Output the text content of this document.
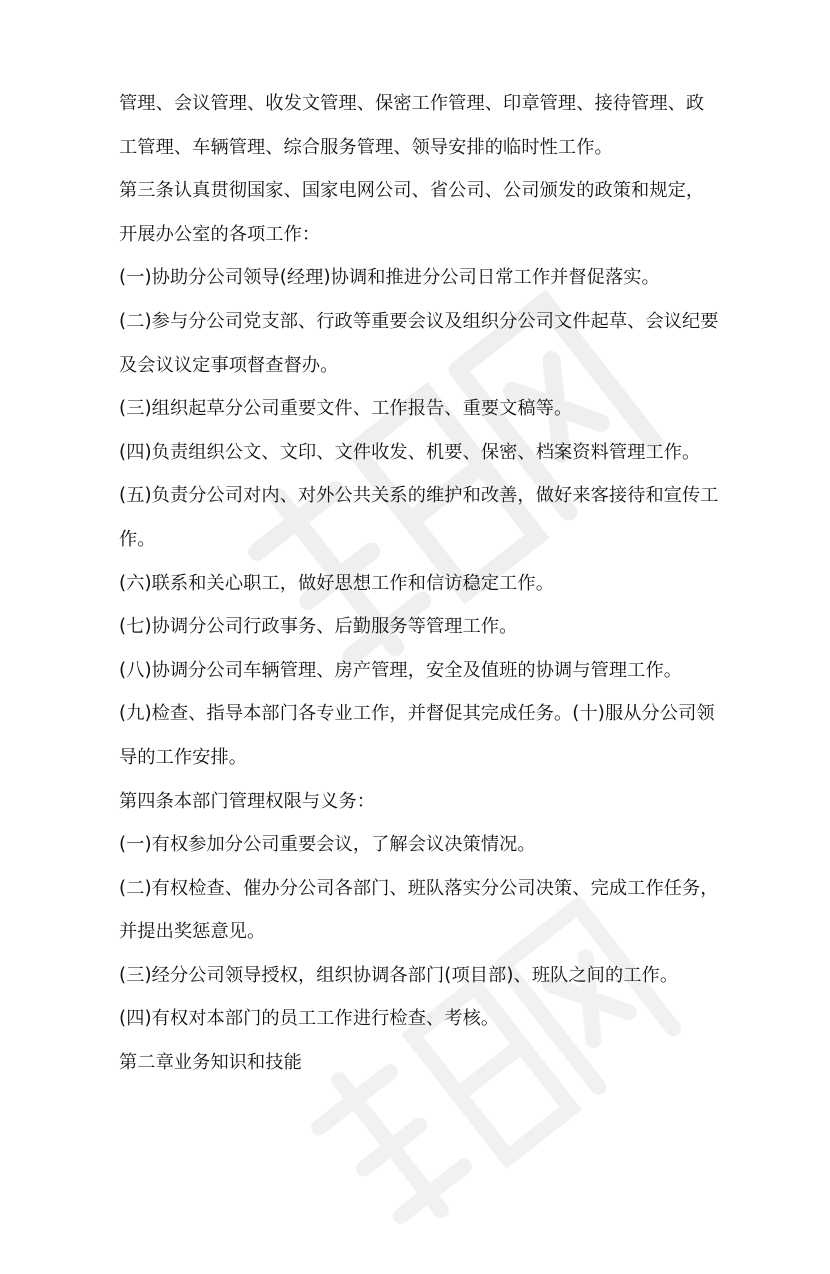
管理、会议管理、收发文管理、保密工作管理、印章管理、接待管理、政
工管理、车辆管理、综合服务管理、领导安排的临时性工作。
第三条认真贯彻国家、国家电网公司、省公司、公司颁发的政策和规定，
开展办公室的各项工作：
(一)协助分公司领导(经理)协调和推进分公司日常工作并督促落实。
(二)参与分公司党支部、行政等重要会议及组织分公司文件起草、会议纪要
及会议议定事项督查督办。
(三)组织起草分公司重要文件、工作报告、重要文稿等。
(四)负责组织公文、文印、文件收发、机要、保密、档案资料管理工作。
(五)负责分公司对内、对外公共关系的维护和改善，做好来客接待和宣传工
作。
(六)联系和关心职工，做好思想工作和信访稳定工作。
(七)协调分公司行政事务、后勤服务等管理工作。
(八)协调分公司车辆管理、房产管理，安全及值班的协调与管理工作。
(九)检查、指导本部门各专业工作，并督促其完成任务。(十)服从分公司领
导的工作安排。
第四条本部门管理权限与义务：
(一)有权参加分公司重要会议，了解会议决策情况。
(二)有权检查、催办分公司各部门、班队落实分公司决策、完成工作任务，
并提出奖惩意见。
(三)经分公司领导授权，组织协调各部门(项目部)、班队之间的工作。
(四)有权对本部门的员工工作进行检查、考核。
第二章业务知识和技能
